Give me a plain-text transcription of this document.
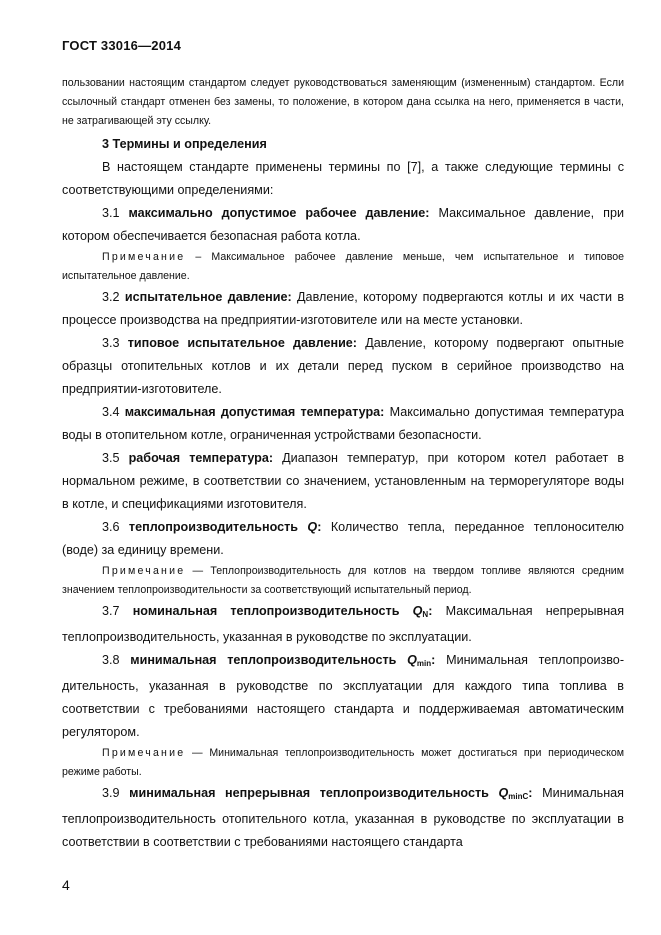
ГОСТ 33016—2014

пользовании настоящим стандартом следует руководствоваться заменяющим (измененным) стандартом. Если ссылочный стандарт отменен без замены, то положение, в котором дана ссылка на него, применяется в части, не затрагивающей эту ссылку.

3 Термины и определения

В настоящем стандарте применены термины по [7], а также следующие термины с соответствующими определениями:

3.1 максимально допустимое рабочее давление: Максимальное давление, при котором обеспечивается безопасная работа котла.

Примечание – Максимальное рабочее давление меньше, чем испытательное и типовое испытательное давление.

3.2 испытательное давление: Давление, которому подвергаются котлы и их части в процессе производства на предприятии-изготовителе или на месте установки.

3.3 типовое испытательное давление: Давление, которому подвергают опытные образцы отопительных котлов и их детали перед пуском в серийное производство на предприятии-изготовителе.

3.4 максимальная допустимая температура: Максимально допустимая температура воды в отопительном котле, ограниченная устройствами безопасности.

3.5 рабочая температура: Диапазон температур, при котором котел работает в нормальном режиме, в соответствии со значением, установленным на терморегуляторе воды в котле, и спецификациями изготовителя.

3.6 теплопроизводительность Q: Количество тепла, переданное теплоносителю (воде) за единицу времени.

Примечание — Теплопроизводительность для котлов на твердом топливе являются средним значением теплопроизводительности за соответствующий испытательный период.

3.7 номинальная теплопроизводительность $Q_N$: Максимальная непрерывная теплопроизводительность, указанная в руководстве по эксплуатации.

3.8 минимальная теплопроизводительность $Q_{min}$: Минимальная теплопроизводительность, указанная в руководстве по эксплуатации для каждого типа топлива в соответствии с требованиями настоящего стандарта и поддерживаемая автоматическим регулятором.

Примечание — Минимальная теплопроизводительность может достигаться при периодическом режиме работы.

3.9 минимальная непрерывная теплопроизводительность $Q_{minC}$: Минимальная теплопроизводительность отопительного котла, указанная в руководстве по эксплуатации в соответствии в соответствии с требованиями настоящего стандарта

4
